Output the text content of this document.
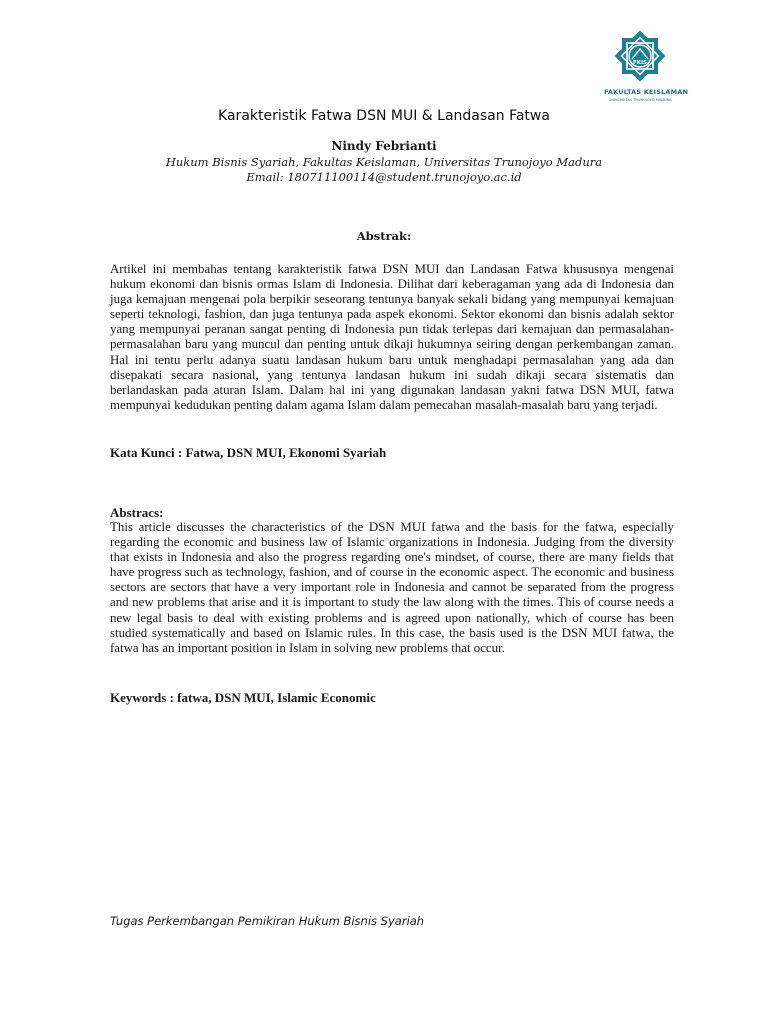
FKIS
FAKULTAS KEISLAMAN
UNIVERSITAS TRUNOJOYO MADURA
Karakteristik Fatwa DSN MUI & Landasan Fatwa
Nindy Febrianti
Hukum Bisnis Syariah, Fakultas Keislaman, Universitas Trunojoyo Madura
Email: 180711100114@student.trunojoyo.ac.id
Abstrak:
Artikel ini membahas tentang karakteristik fatwa DSN MUI dan Landasan Fatwa khususnya mengenai hukum ekonomi dan bisnis ormas Islam di Indonesia. Dilihat dari keberagaman yang ada di Indonesia dan juga kemajuan mengenai pola berpikir seseorang tentunya banyak sekali bidang yang mempunyai kemajuan seperti teknologi, fashion, dan juga tentunya pada aspek ekonomi. Sektor ekonomi dan bisnis adalah sektor yang mempunyai peranan sangat penting di Indonesia pun tidak terlepas dari kemajuan dan permasalahan-permasalahan baru yang muncul dan penting untuk dikaji hukumnya seiring dengan perkembangan zaman. Hal ini tentu perlu adanya suatu landasan hukum baru untuk menghadapi permasalahan yang ada dan disepakati secara nasional, yang tentunya landasan hukum ini sudah dikaji secara sistematis dan berlandaskan pada aturan Islam. Dalam hal ini yang digunakan landasan yakni fatwa DSN MUI, fatwa mempunyai kedudukan penting dalam agama Islam dalam pemecahan masalah-masalah baru yang terjadi.
Kata Kunci : Fatwa, DSN MUI, Ekonomi Syariah
Abstracs:
This article discusses the characteristics of the DSN MUI fatwa and the basis for the fatwa, especially regarding the economic and business law of Islamic organizations in Indonesia. Judging from the diversity that exists in Indonesia and also the progress regarding one's mindset, of course, there are many fields that have progress such as technology, fashion, and of course in the economic aspect. The economic and business sectors are sectors that have a very important role in Indonesia and cannot be separated from the progress and new problems that arise and it is important to study the law along with the times. This of course needs a new legal basis to deal with existing problems and is agreed upon nationally, which of course has been studied systematically and based on Islamic rules. In this case, the basis used is the DSN MUI fatwa, the fatwa has an important position in Islam in solving new problems that occur.
Keywords : fatwa, DSN MUI, Islamic Economic
Tugas Perkembangan Pemikiran Hukum Bisnis Syariah
